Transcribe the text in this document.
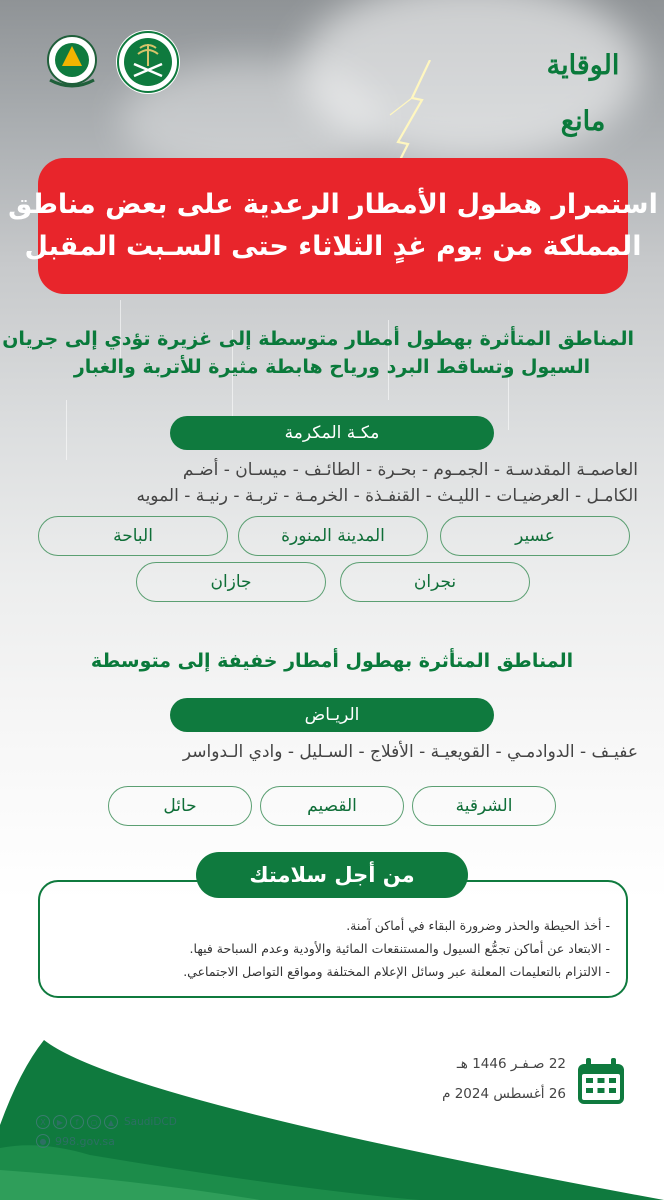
الوقاية مانع
استمرار هطول الأمطار الرعدية على بعض مناطق
المملكة من يوم غدٍ الثلاثاء حتى السـبت المقبل
المناطق المتأثرة بهطول أمطار متوسطة إلى غزيرة تؤدي إلى جريان
السيول وتساقط البرد ورياح هابطة مثيرة للأتربة والغبار
مكـة المكرمة
العاصمـة المقدسـة - الجمـوم - بحـرة - الطائـف - ميسـان - أضـم
الكامـل - العرضيـات - الليـث - القنفـذة - الخرمـة - تربـة - رنيـة - المويه
عسير
المدينة المنورة
الباحة
نجران
جازان
المناطق المتأثرة بهطول أمطار خفيفة إلى متوسطة
الريـاض
عفيـف - الدوادمـي - القويعيـة - الأفلاج - السـليل - وادي الـدواسر
الشرقية
القصيم
حائل
- أخذ الحيطة والحذر وضرورة البقاء في أماكن آمنة.
- الابتعاد عن أماكن تجمُّع السيول والمستنقعات المائية والأودية وعدم السباحة فيها.
- الالتزام بالتعليمات المعلنة عبر وسائل الإعلام المختلفة ومواقع التواصل الاجتماعي.
من أجل سلامتك
22 صـفـر 1446 هـ
26 أغسطس 2024 م
X	▶	f	○	▲ SaudiDCD
● 998.gov.sa
